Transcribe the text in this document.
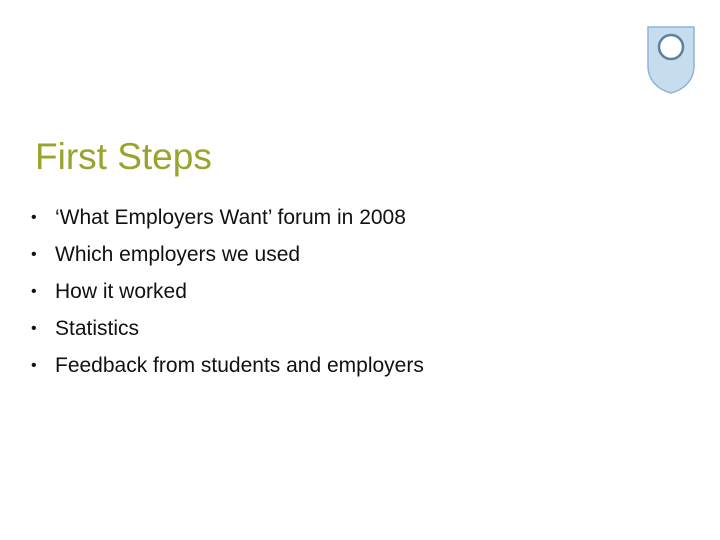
First Steps
• ‘What Employers Want’ forum in 2008
• Which employers we used
• How it worked
• Statistics
• Feedback from students and employers
